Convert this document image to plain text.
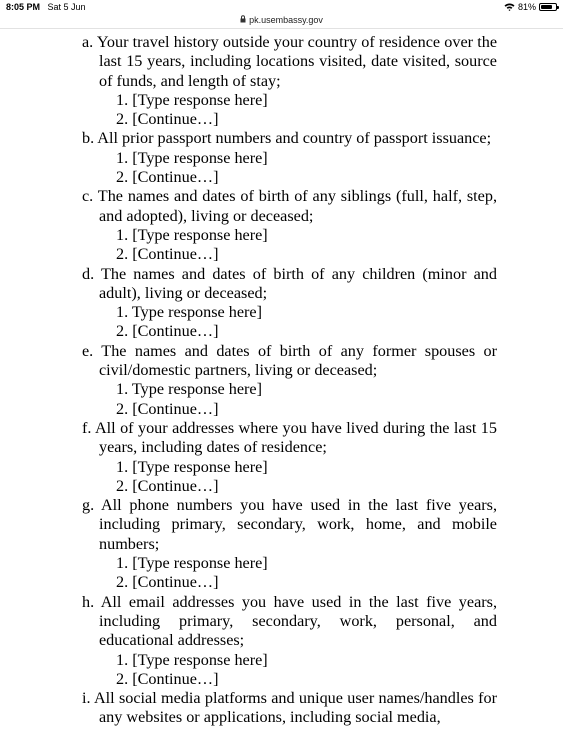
8:05 PM Sat 5 Jun	81%
pk.usembassy.gov
a. Your travel history outside your country of residence over the last 15 years, including locations visited, date visited, source of funds, and length of stay;
1. [Type response here]
2. [Continue…]
b. All prior passport numbers and country of passport issuance;
1. [Type response here]
2. [Continue…]
c. The names and dates of birth of any siblings (full, half, step, and adopted), living or deceased;
1. [Type response here]
2. [Continue…]
d. The names and dates of birth of any children (minor and adult), living or deceased;
1. Type response here]
2. [Continue…]
e. The names and dates of birth of any former spouses or civil/domestic partners, living or deceased;
1. Type response here]
2. [Continue…]
f. All of your addresses where you have lived during the last 15 years, including dates of residence;
1. [Type response here]
2. [Continue…]
g. All phone numbers you have used in the last five years, including primary, secondary, work, home, and mobile numbers;
1. [Type response here]
2. [Continue…]
h. All email addresses you have used in the last five years, including primary, secondary, work, personal, and educational addresses;
1. [Type response here]
2. [Continue…]
i. All social media platforms and unique user names/handles for any websites or applications, including social media,
